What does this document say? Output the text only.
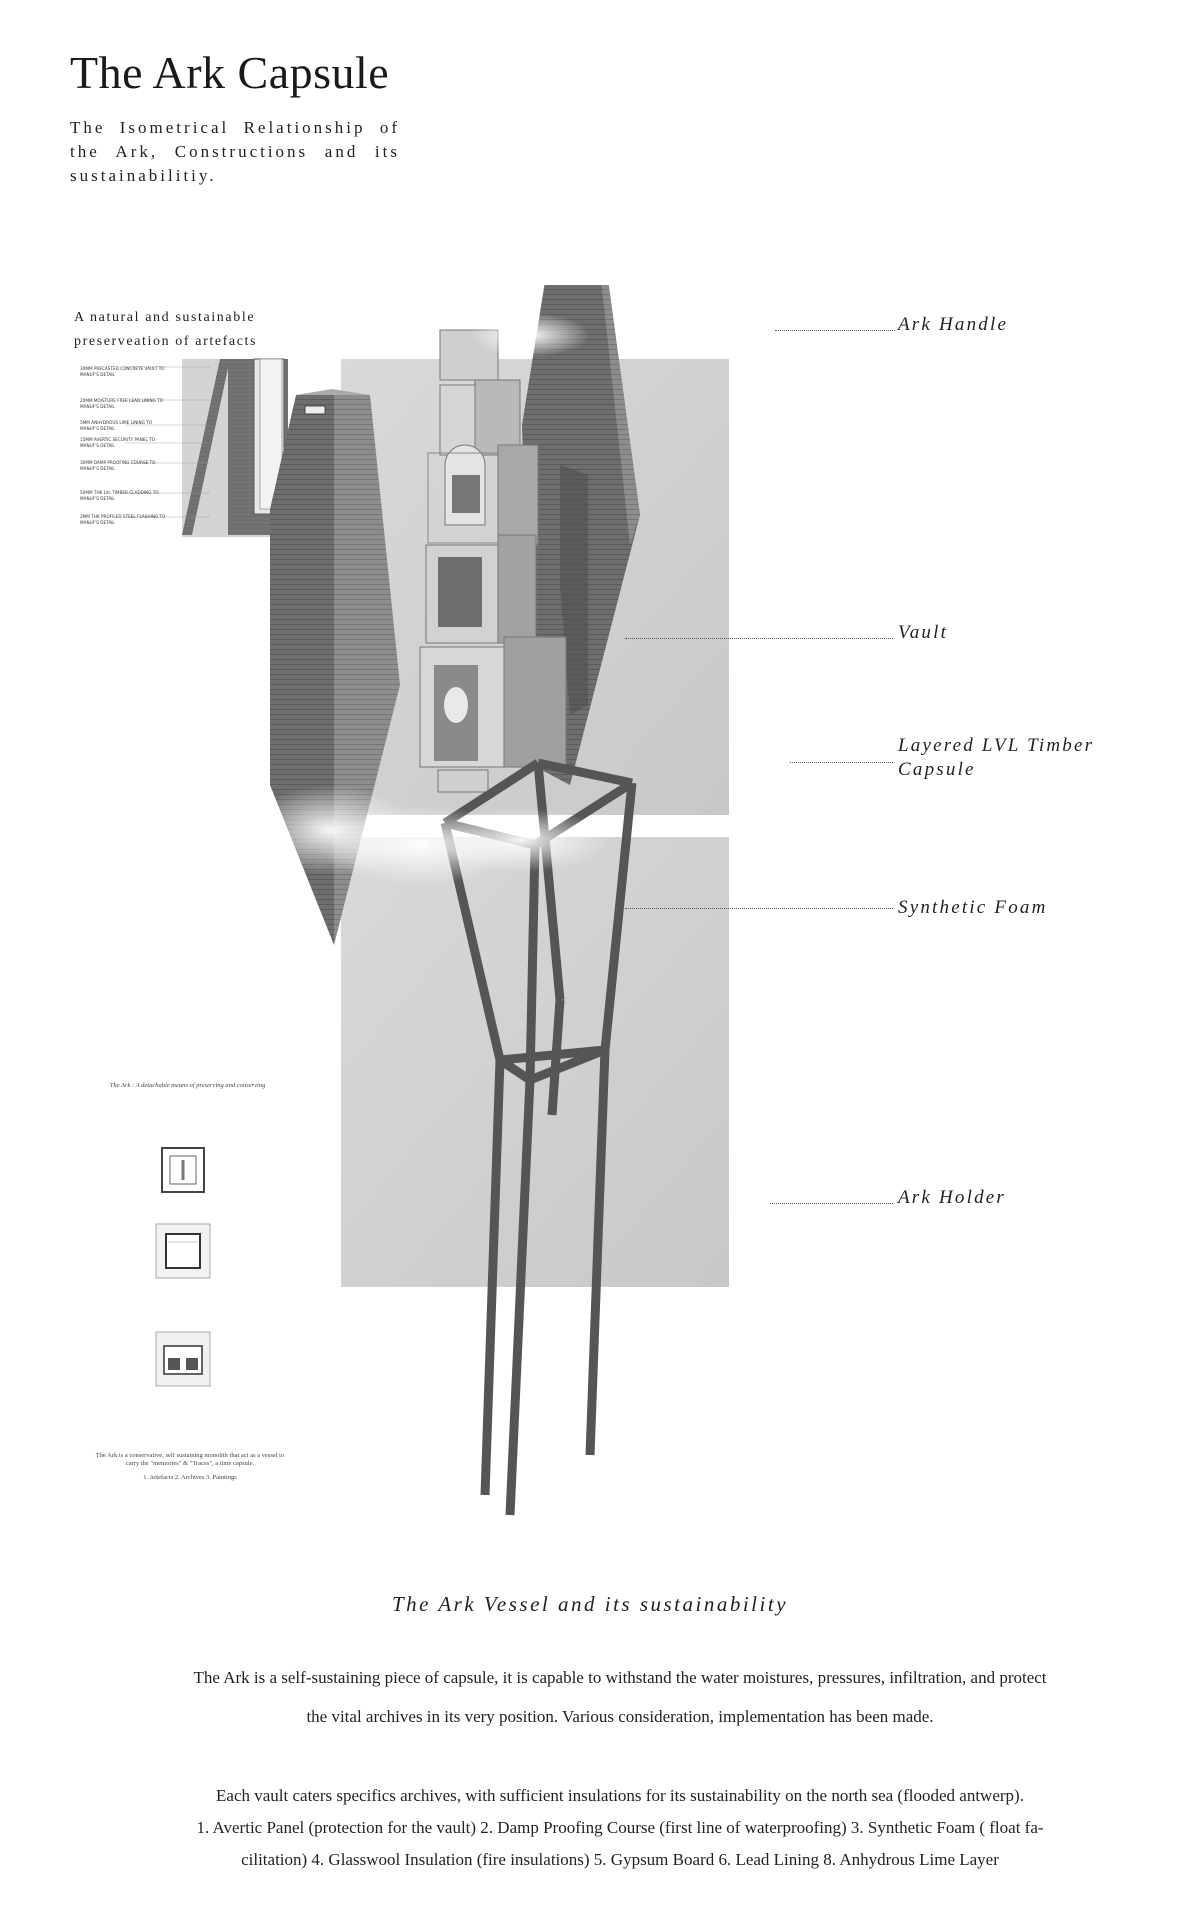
The Ark Capsule
The Isometrical Relationship of the Ark, Constructions and its sustainabilitiy.
A natural and sustainable
preserveation of artefacts
30MM PRECASTED CONCRETE VAULT TO MANUF'S DETAIL
20MM MOISTURE FREE LEAD LINING TO MANUF'S DETAIL
5MM ANHYDROUS LIME LINING TO MANUF'S DETAIL
15MM AVERTIC SECURITY PANEL TO MANUF'S DETAIL
30MM DAMP PROOFING COURSE TO MANUF'S DETAIL
50MM THK LVL TIMBER CLADDING TO MANUF'S DETAIL
2MM THK PROFILED STEEL FLASHING TO MANUF'S DETAIL
Ark Handle
Vault
Layered LVL Timber
Capsule
Synthetic Foam
Ark Holder
The Ark : A detachable means of preserving and conserving
The Ark is a conservative, self sustaining monolith that act as a vessel to carry the "memories" & "Traces", a time capsule.
1. Artefacts 2. Archives 3. Paintings
The Ark Vessel and its sustainability
The Ark is a self-sustaining piece of capsule, it is capable to withstand the water moistures, pressures, infiltration, and protect
the vital archives in its very position. Various consideration, implementation has been made.
Each vault caters specifics archives, with sufficient insulations for its sustainability on the north sea (flooded antwerp).
1. Avertic Panel (protection for the vault) 2. Damp Proofing Course (first line of waterproofing) 3. Synthetic Foam ( float fa-
cilitation) 4. Glasswool Insulation (fire insulations) 5. Gypsum Board 6. Lead Lining 8. Anhydrous Lime Layer
